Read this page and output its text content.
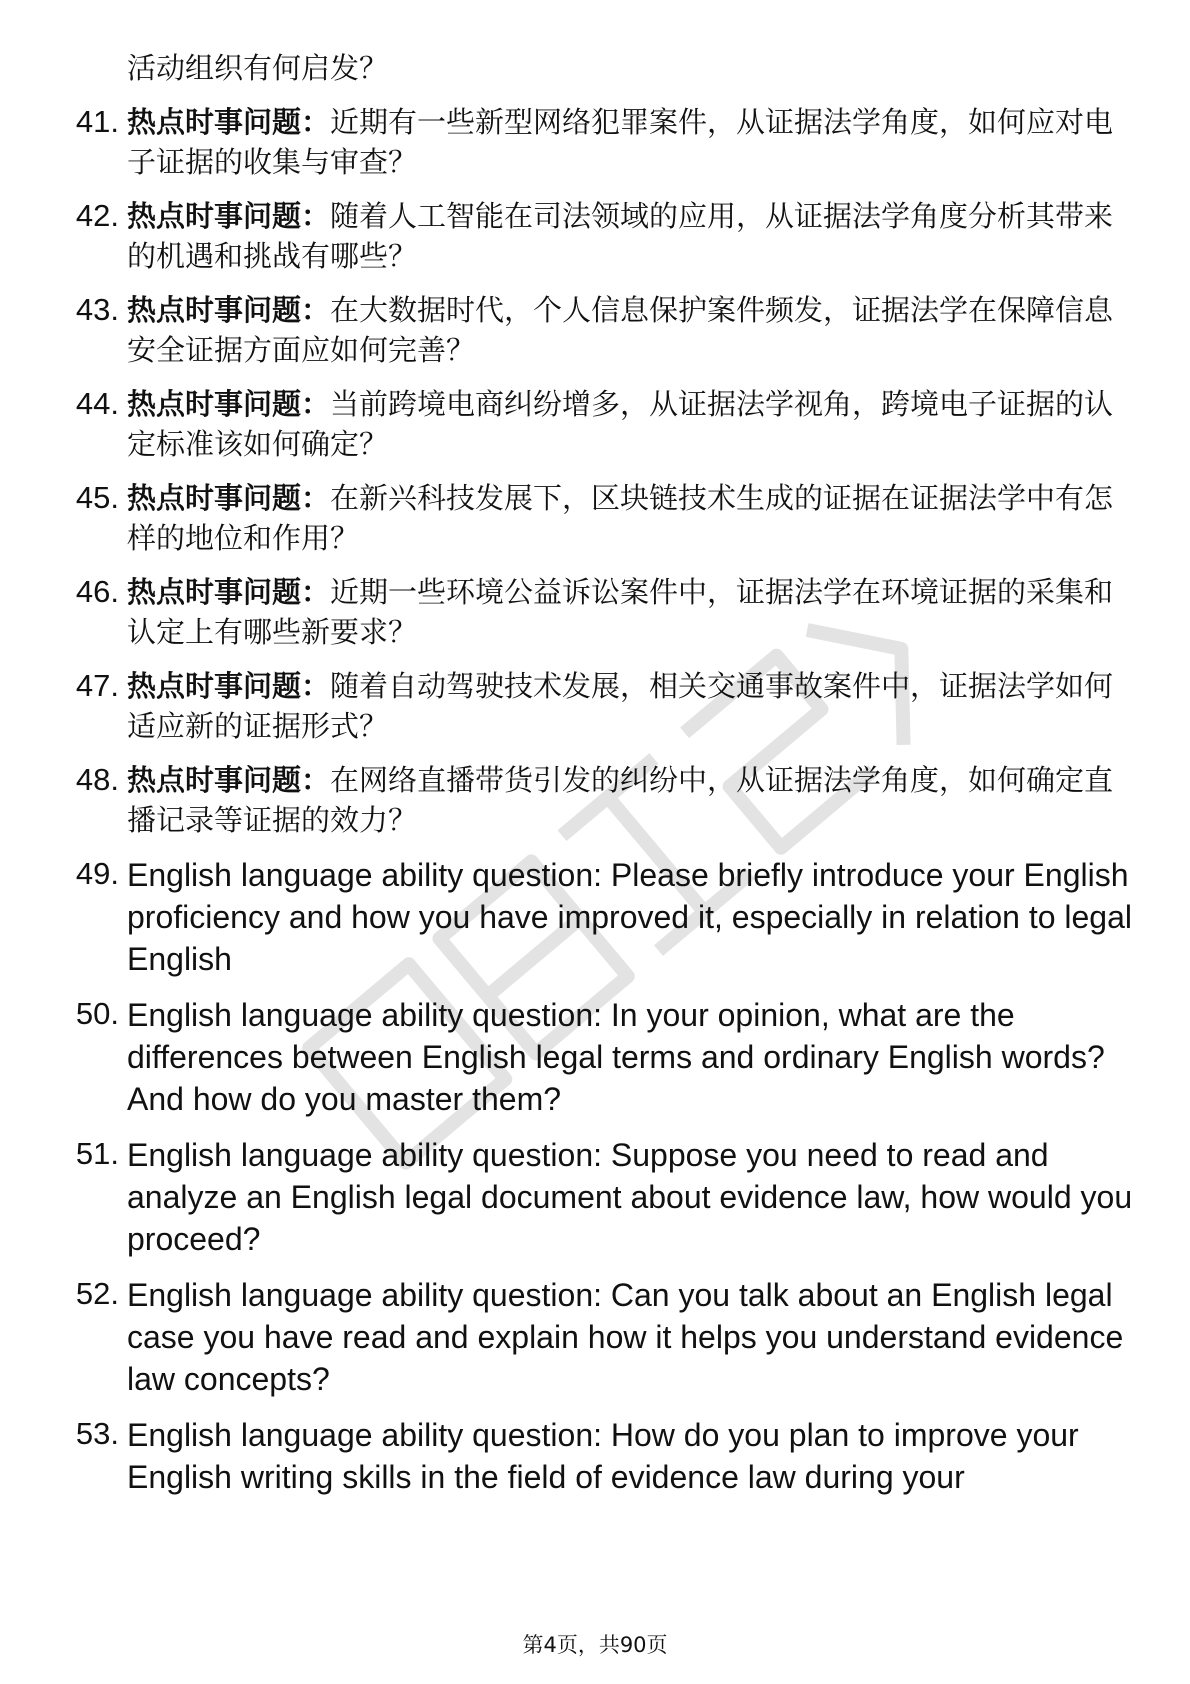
活动组织有何启发？
41. 热点时事问题：近期有一些新型网络犯罪案件，从证据法学角度，如何应对电子证据的收集与审查？
42. 热点时事问题：随着人工智能在司法领域的应用，从证据法学角度分析其带来的机遇和挑战有哪些？
43. 热点时事问题：在大数据时代，个人信息保护案件频发，证据法学在保障信息安全证据方面应如何完善？
44. 热点时事问题：当前跨境电商纠纷增多，从证据法学视角，跨境电子证据的认定标准该如何确定？
45. 热点时事问题：在新兴科技发展下，区块链技术生成的证据在证据法学中有怎样的地位和作用？
46. 热点时事问题：近期一些环境公益诉讼案件中，证据法学在环境证据的采集和认定上有哪些新要求？
47. 热点时事问题：随着自动驾驶技术发展，相关交通事故案件中，证据法学如何适应新的证据形式？
48. 热点时事问题：在网络直播带货引发的纠纷中，从证据法学角度，如何确定直播记录等证据的效力？
49. English language ability question: Please briefly introduce your English proficiency and how you have improved it, especially in relation to legal English
50. English language ability question: In your opinion, what are the differences between English legal terms and ordinary English words? And how do you master them?
51. English language ability question: Suppose you need to read and analyze an English legal document about evidence law, how would you proceed?
52. English language ability question: Can you talk about an English legal case you have read and explain how it helps you understand evidence law concepts?
53. English language ability question: How do you plan to improve your English writing skills in the field of evidence law during your
第4页，共90页
